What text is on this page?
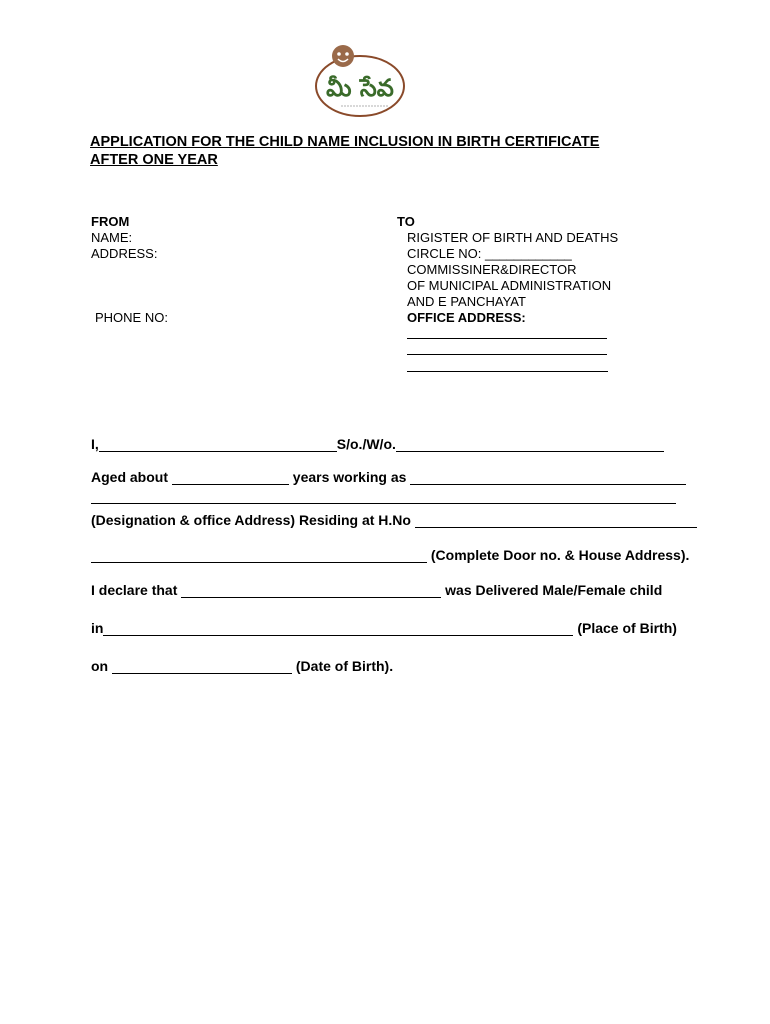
మీ సేవ
APPLICATION FOR THE CHILD NAME INCLUSION IN BIRTH CERTIFICATE
AFTER ONE YEAR
FROM
NAME:
ADDRESS:
PHONE NO:
TO
RIGISTER OF BIRTH AND DEATHS
CIRCLE NO: ____________
COMMISSINER&DIRECTOR
OF MUNICIPAL ADMINISTRATION
AND E PANCHAYAT
OFFICE ADDRESS:
I,	S/o./W/o.
Aged about	years working as
(Designation & office Address) Residing at H.No
(Complete Door no. & House Address).
I declare that	was Delivered Male/Female child
in	(Place of Birth)
on	(Date of Birth).
